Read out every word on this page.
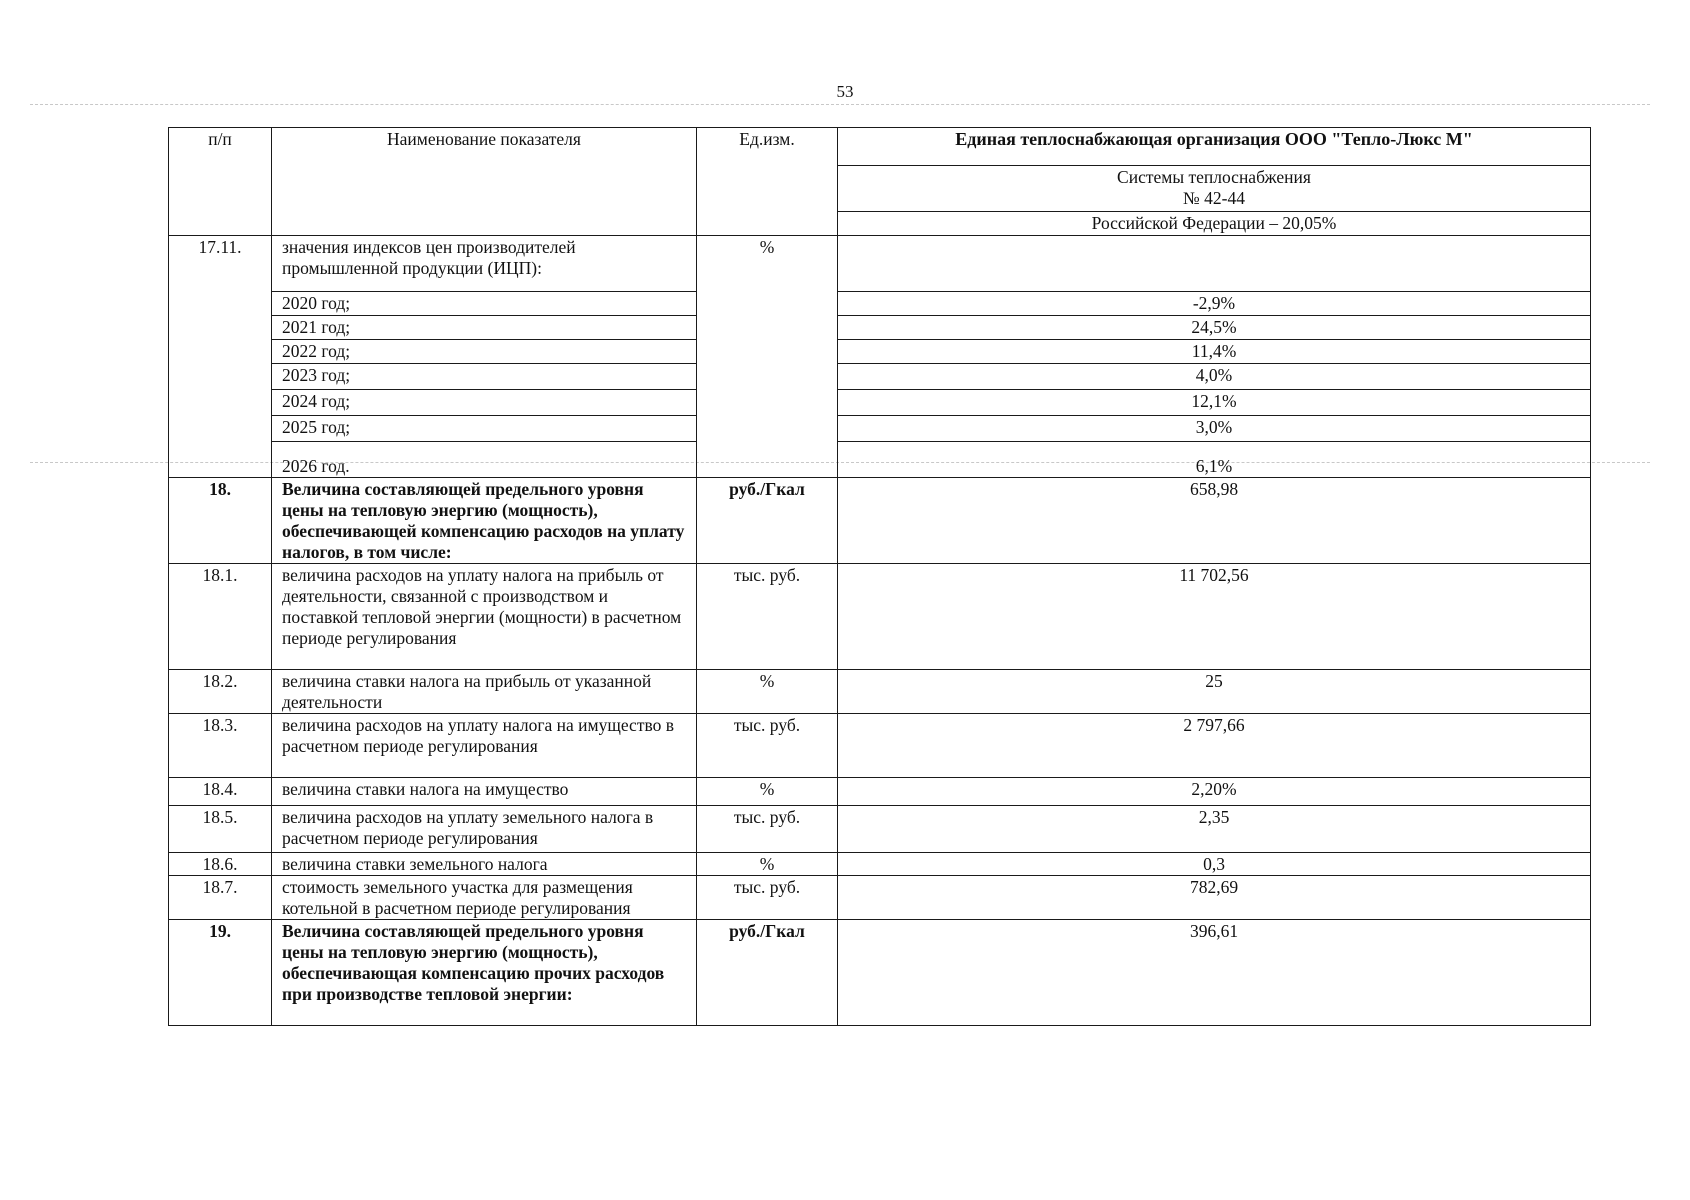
53
п/п	Наименование показателя	Ед.изм.	Единая теплоснабжающая организация ООО "Тепло-Люкс М"

			Системы теплоснабжения
№ 42-44

			Российской Федерации – 20,05%
17.11.	значения индексов цен производителей промышленной продукции (ИЦП):	%	
	2020 год;		-2,9%
	2021 год;		24,5%
	2022 год;		11,4%
	2023 год;		4,0%
	2024 год;		12,1%
	2025 год;		3,0%
	2026 год.		6,1%
18.	Величина составляющей предельного уровня цены на тепловую энергию (мощность), обеспечивающей компенсацию расходов на уплату налогов, в том числе:	руб./Гкал	658,98
18.1.	величина расходов на уплату налога на прибыль от деятельности, связанной с производством и поставкой тепловой энергии (мощности) в расчетном периоде регулирования	тыс. руб.	11 702,56
18.2.	величина ставки налога на прибыль от указанной деятельности	%	25
18.3.	величина расходов на уплату налога на имущество в расчетном периоде регулирования	тыс. руб.	2 797,66
18.4.	величина ставки налога на имущество	%	2,20%
18.5.	величина расходов на уплату земельного налога в расчетном периоде регулирования	тыс. руб.	2,35
18.6.	величина ставки земельного налога	%	0,3
18.7.	стоимость земельного участка для размещения котельной в расчетном периоде регулирования	тыс. руб.	782,69
19.	Величина составляющей предельного уровня цены на тепловую энергию (мощность), обеспечивающая компенсацию прочих расходов при производстве тепловой энергии:	руб./Гкал	396,61
